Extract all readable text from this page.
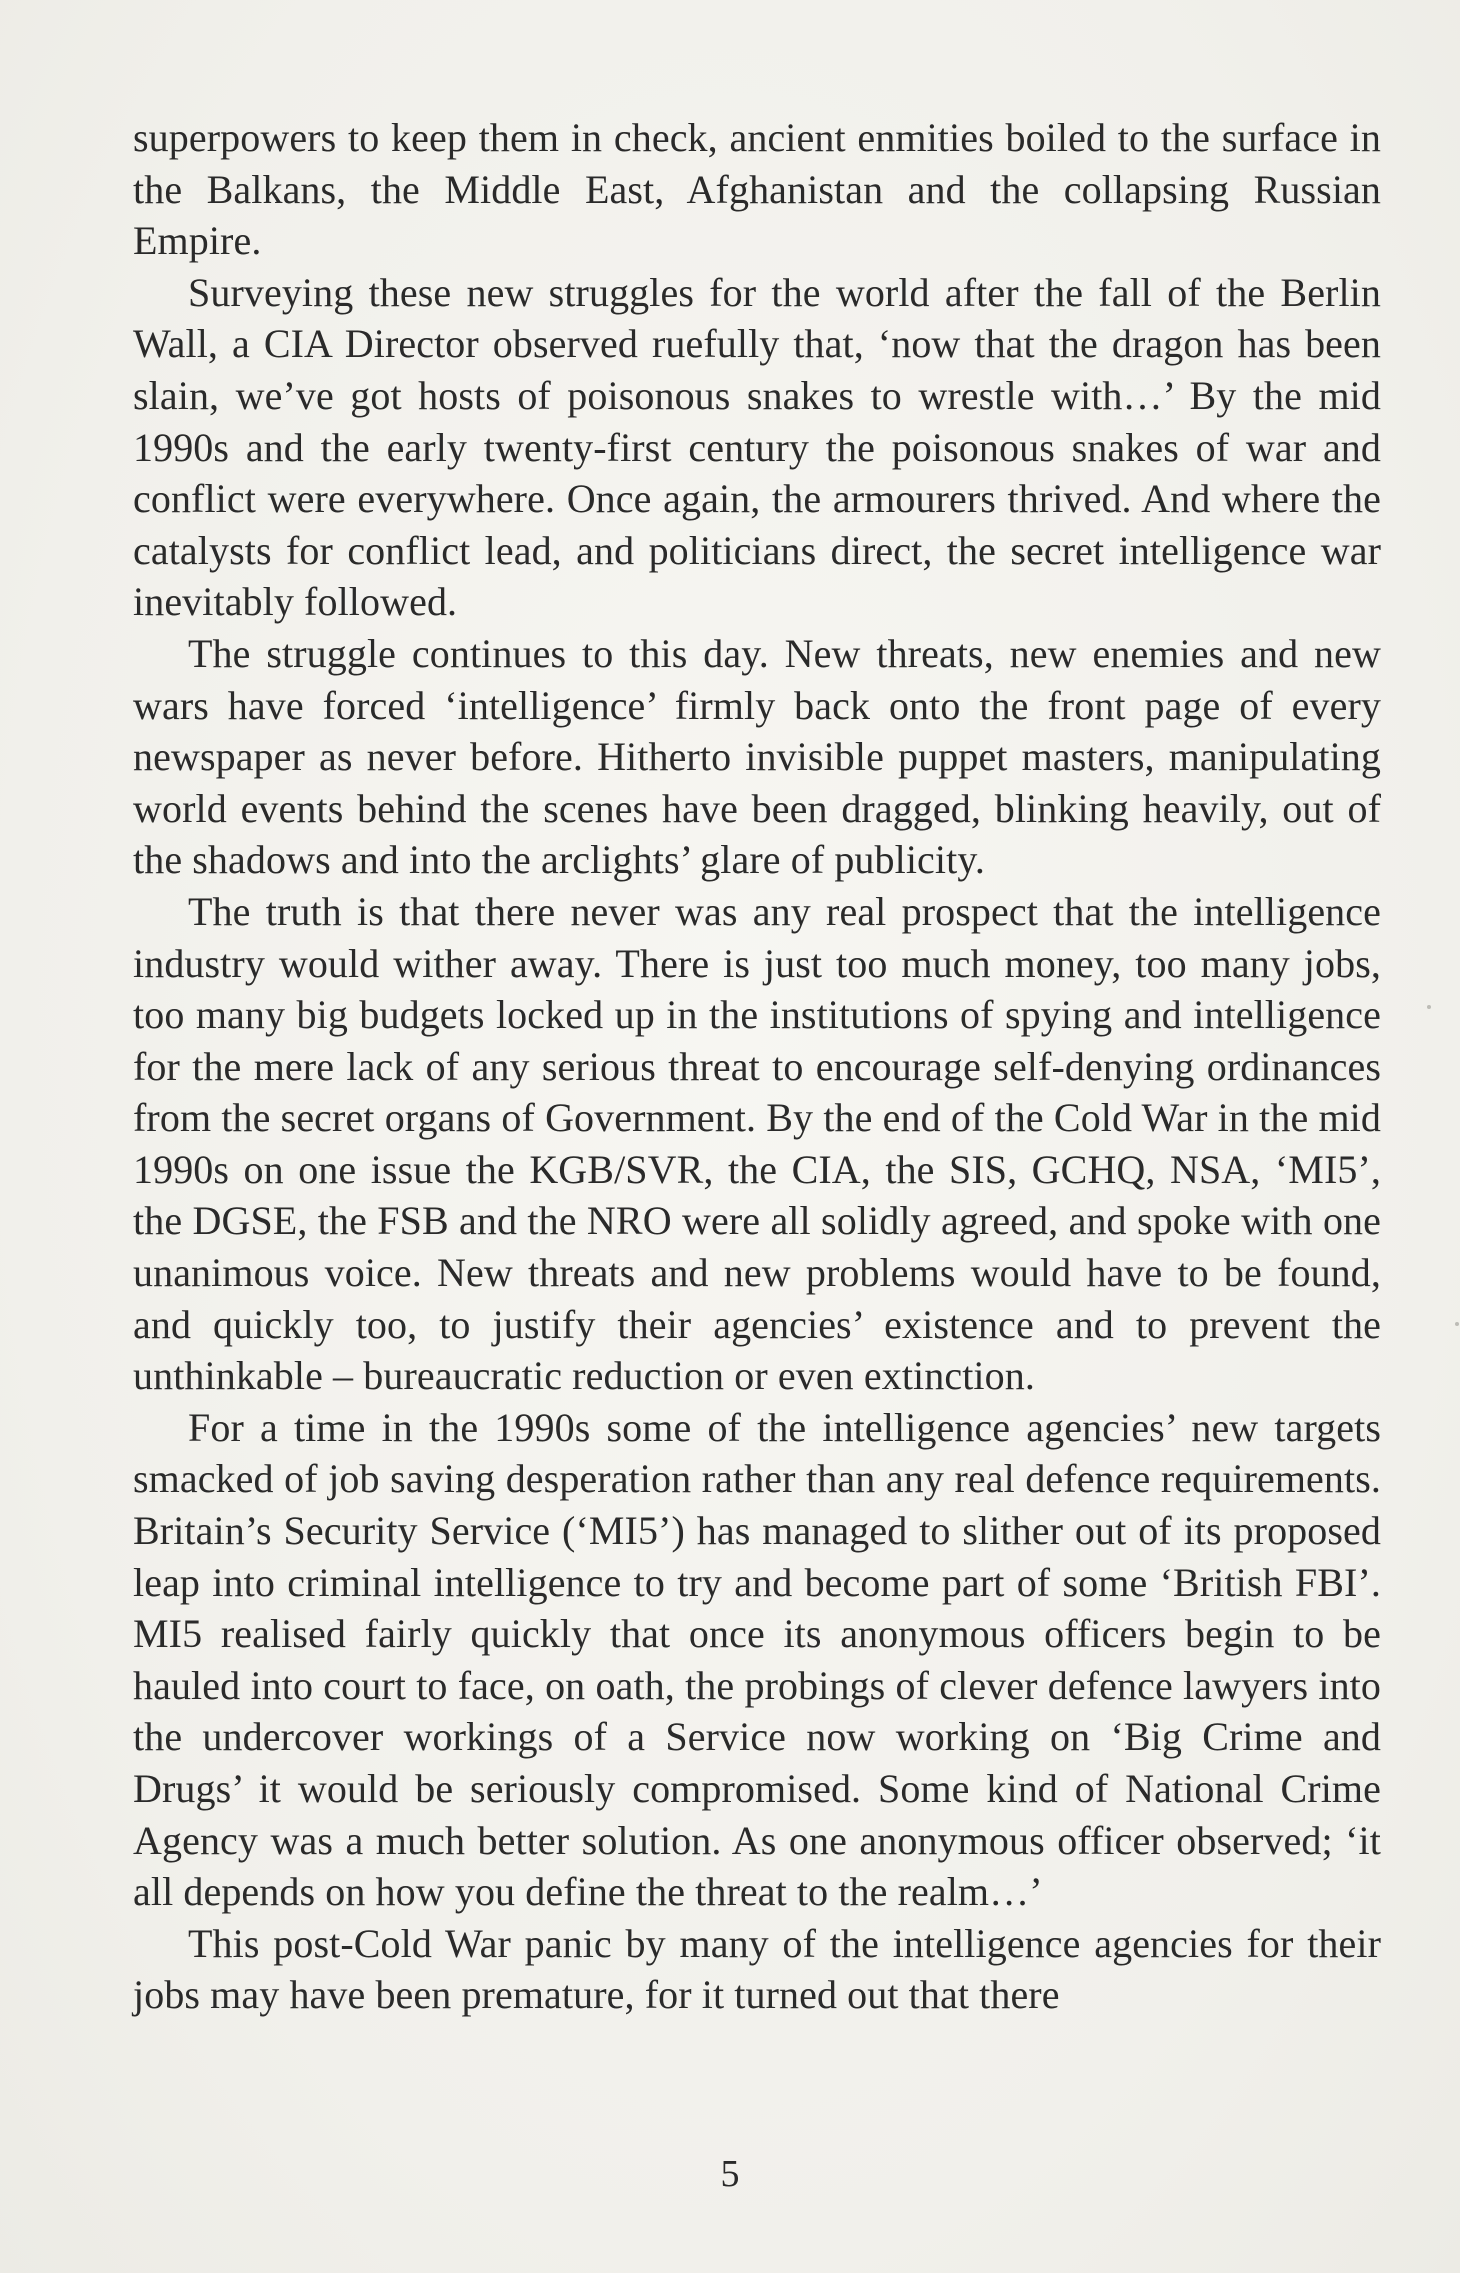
superpowers to keep them in check, ancient enmities boiled to the surface in the Balkans, the Middle East, Afghanistan and the collapsing Russian Empire.

Surveying these new struggles for the world after the fall of the Berlin Wall, a CIA Director observed ruefully that, ‘now that the dragon has been slain, we’ve got hosts of poisonous snakes to wrestle with…’ By the mid 1990s and the early twenty-first century the poisonous snakes of war and conflict were everywhere. Once again, the armourers thrived. And where the catalysts for conflict lead, and politicians direct, the secret intelligence war inevitably followed.

The struggle continues to this day. New threats, new enemies and new wars have forced ‘intelligence’ firmly back onto the front page of every newspaper as never before. Hitherto invisible puppet masters, manipulating world events behind the scenes have been dragged, blinking heavily, out of the shadows and into the arclights’ glare of publicity.

The truth is that there never was any real prospect that the intelligence industry would wither away. There is just too much money, too many jobs, too many big budgets locked up in the institutions of spying and intelligence for the mere lack of any serious threat to encourage self-denying ordinances from the secret organs of Government. By the end of the Cold War in the mid 1990s on one issue the KGB/SVR, the CIA, the SIS, GCHQ, NSA, ‘MI5’, the DGSE, the FSB and the NRO were all solidly agreed, and spoke with one unanimous voice. New threats and new problems would have to be found, and quickly too, to justify their agencies’ existence and to prevent the unthinkable – bureaucratic reduction or even extinction.

For a time in the 1990s some of the intelligence agencies’ new targets smacked of job saving desperation rather than any real defence requirements. Britain’s Security Service (‘MI5’) has managed to slither out of its proposed leap into criminal intelligence to try and become part of some ‘British FBI’. MI5 realised fairly quickly that once its anonymous officers begin to be hauled into court to face, on oath, the probings of clever defence lawyers into the undercover workings of a Service now working on ‘Big Crime and Drugs’ it would be seriously compromised. Some kind of National Crime Agency was a much better solution. As one anonymous officer observed; ‘it all depends on how you define the threat to the realm…’

This post-Cold War panic by many of the intelligence agencies for their jobs may have been premature, for it turned out that there

5
